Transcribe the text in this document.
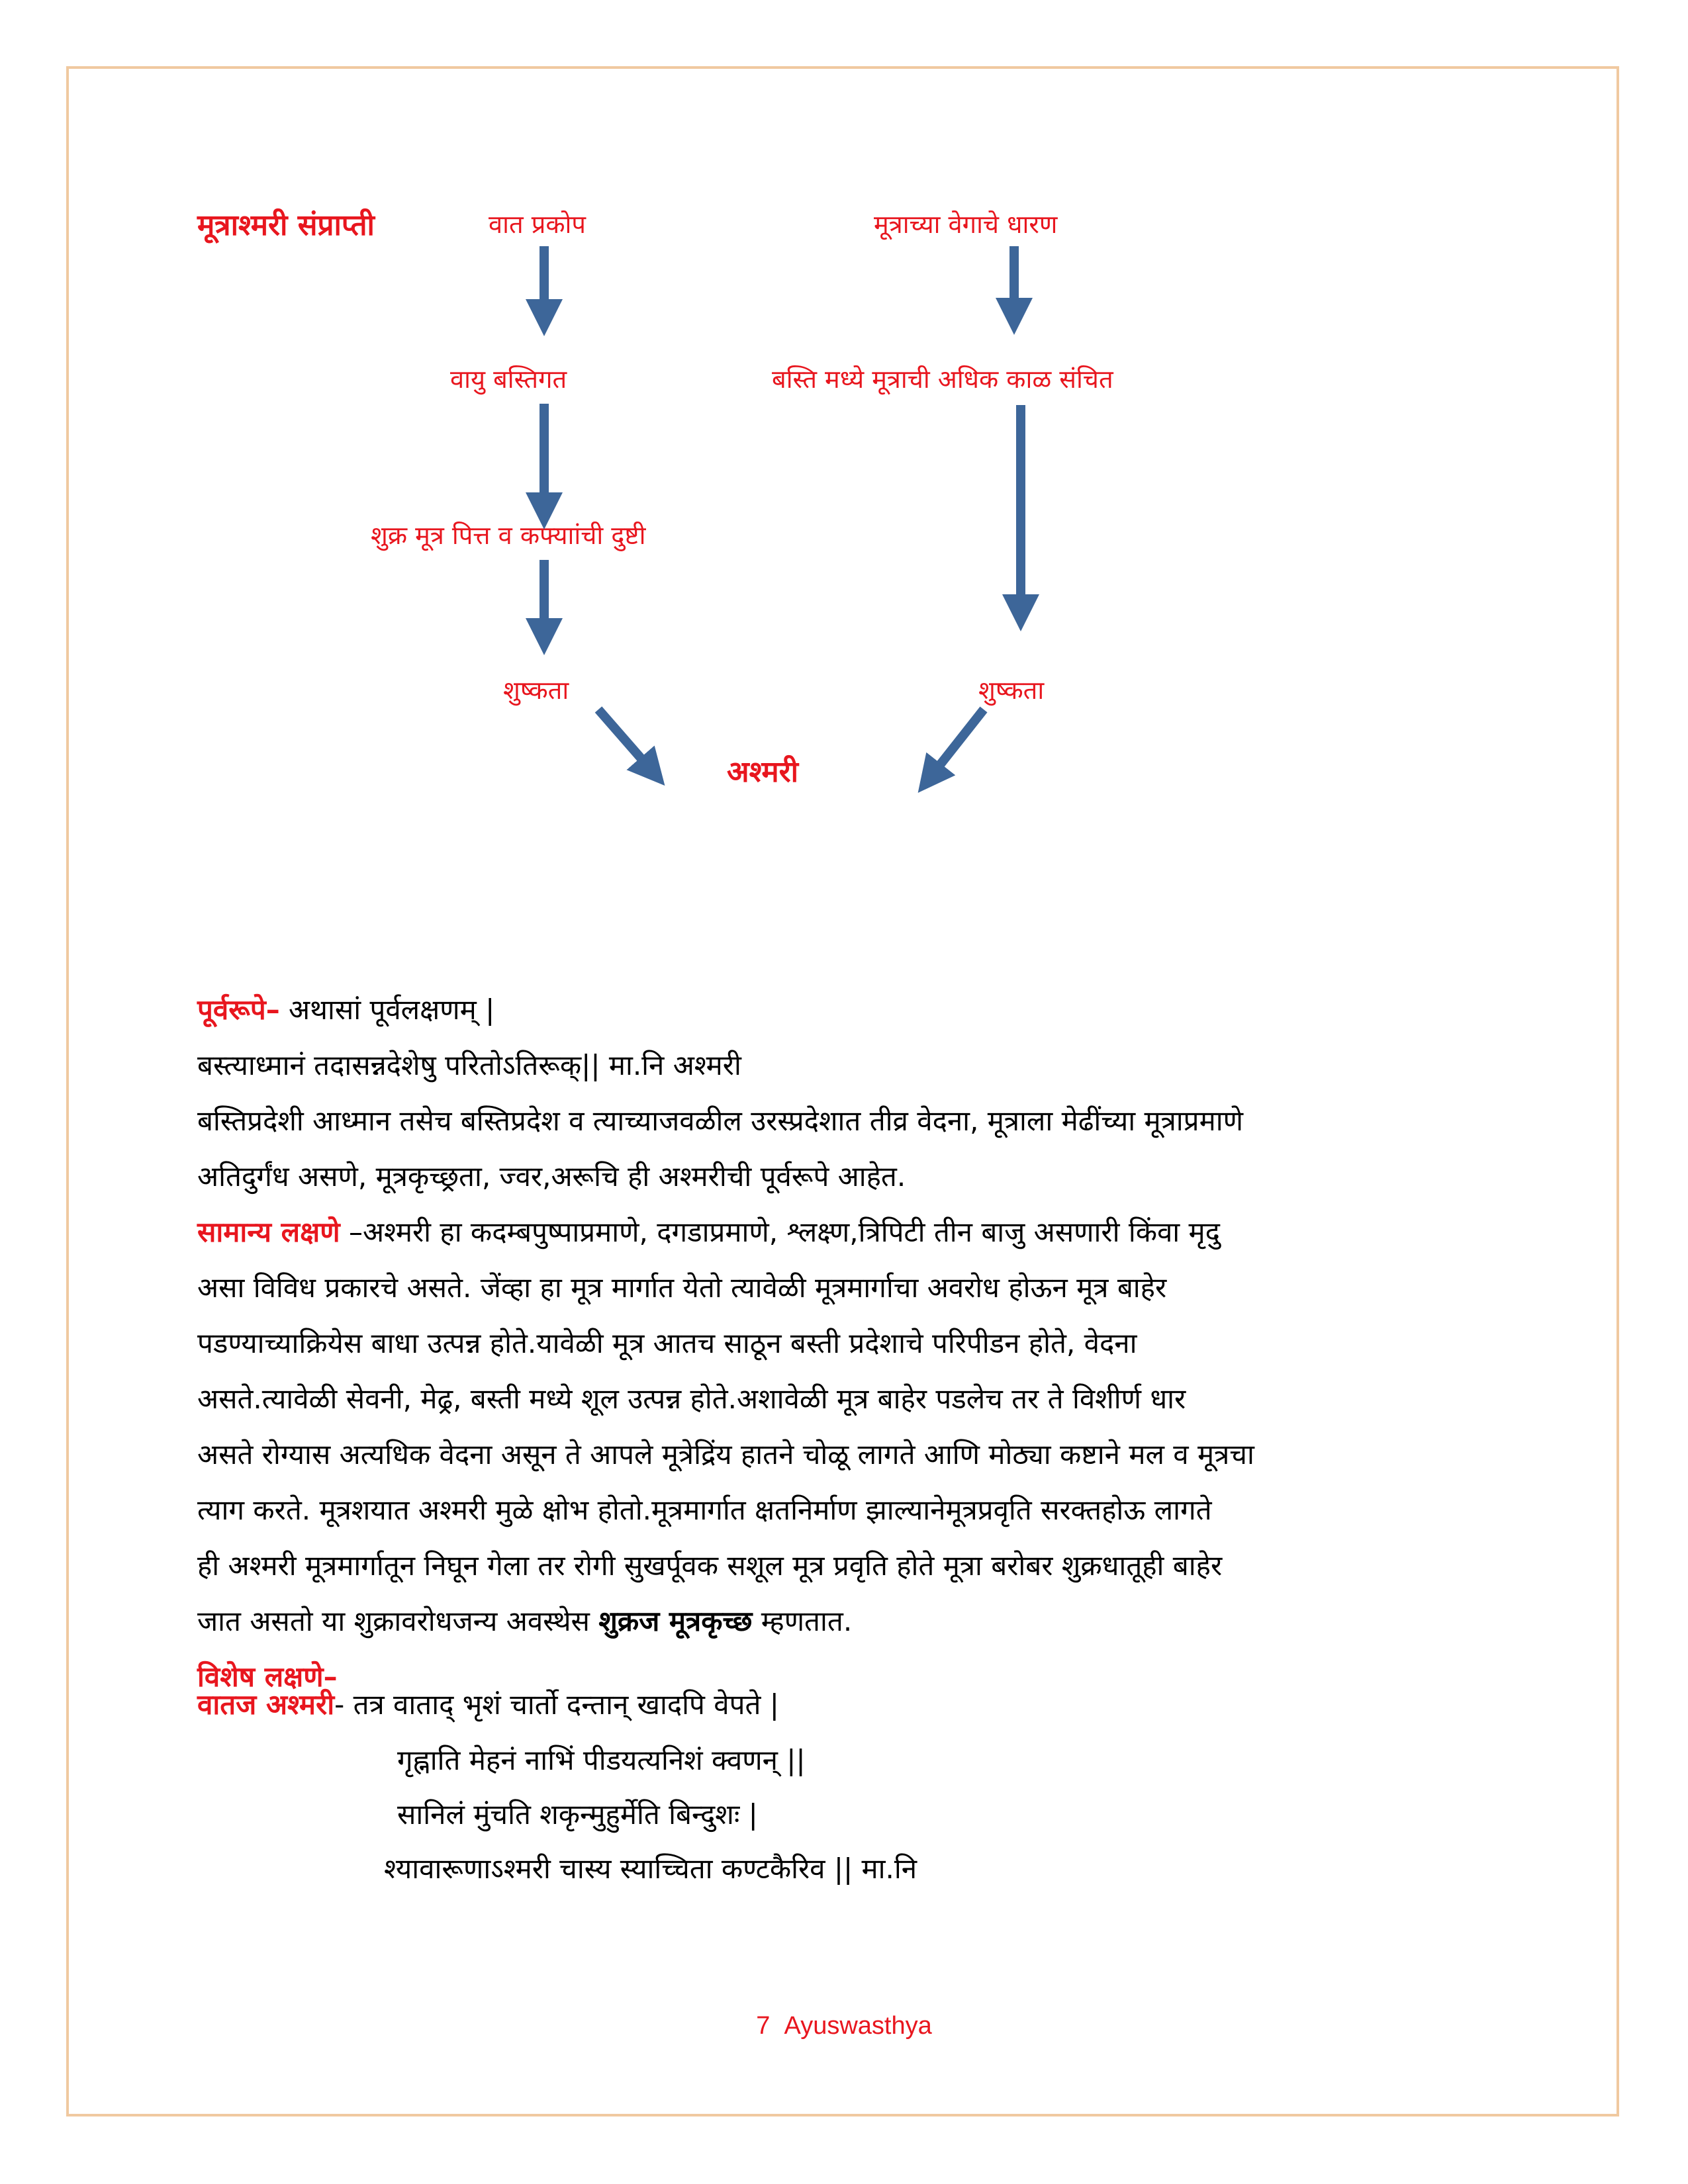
मूत्राश्मरी संप्राप्ती	वात प्रकोप	मूत्राच्या वेगाचे धारण
वायु बस्तिगत	बस्ति मध्ये मूत्राची अधिक काळ संचित
शुक्र मूत्र पित्त व कफ्याांची दुष्टी
शुष्कता	शुष्कता
अश्मरी
पूर्वरूपे– अथासां पूर्वलक्षणम् |
बस्त्याध्मानं तदासन्नदेशेषु परितोऽतिरूक्|| मा.नि अश्मरी
बस्तिप्रदेशी आध्मान तसेच बस्तिप्रदेश व त्याच्याजवळील उरस्प्रदेशात तीव्र वेदना, मूत्राला मेढींच्या मूत्राप्रमाणे
अतिदुर्गंध असणे, मूत्रकृच्छ्रता, ज्वर,अरूचि ही अश्मरीची पूर्वरूपे आहेत.
सामान्य लक्षणे –अश्मरी हा कदम्बपुष्पाप्रमाणे, दगडाप्रमाणे, श्लक्ष्ण,त्रिपिटी तीन बाजु असणारी किंवा मृदु
असा विविध प्रकारचे असते. जेंव्हा हा मूत्र मार्गात येतो त्यावेळी मूत्रमार्गाचा अवरोध होऊन मूत्र बाहेर
पडण्याच्याक्रियेस बाधा उत्पन्न होते.यावेळी मूत्र आतच साठून बस्ती प्रदेशाचे परिपीडन होते, वेदना
असते.त्यावेळी सेवनी, मेढ्र, बस्ती मध्ये शूल उत्पन्न होते.अशावेळी मूत्र बाहेर पडलेच तर ते विशीर्ण धार
असते रोग्यास अत्यधिक वेदना असून ते आपले मूत्रेद्रिंय हातने चोळू लागते आणि मोठ्या कष्टाने मल व मूत्रचा
त्याग करते. मूत्रशयात अश्मरी मुळे क्षोभ होतो.मूत्रमार्गात क्षतनिर्माण झाल्यानेमूत्रप्रवृति सरक्तहोऊ लागते
ही अश्मरी मूत्रमार्गातून निघून गेला तर रोगी सुखर्पूवक सशूल मूत्र प्रवृति होते मूत्रा बरोबर शुक्रधातूही बाहेर
जात असतो या शुक्रावरोधजन्य अवस्थेस शुक्रज मूत्रकृच्छ म्हणतात.
विशेष लक्षणे–
वातज अश्मरी- तत्र वाताद् भृशं चार्तो दन्तान् खादपि वेपते |
गृह्नाति मेहनं नाभिं पीडयत्यनिशं क्वणन् ||
सानिलं मुंचति शकृन्मुहुर्मेति बिन्दुशः |
श्यावारूणाऽश्मरी चास्य स्याच्चिता कण्टकैरिव || मा.नि
7 Ayuswasthya
